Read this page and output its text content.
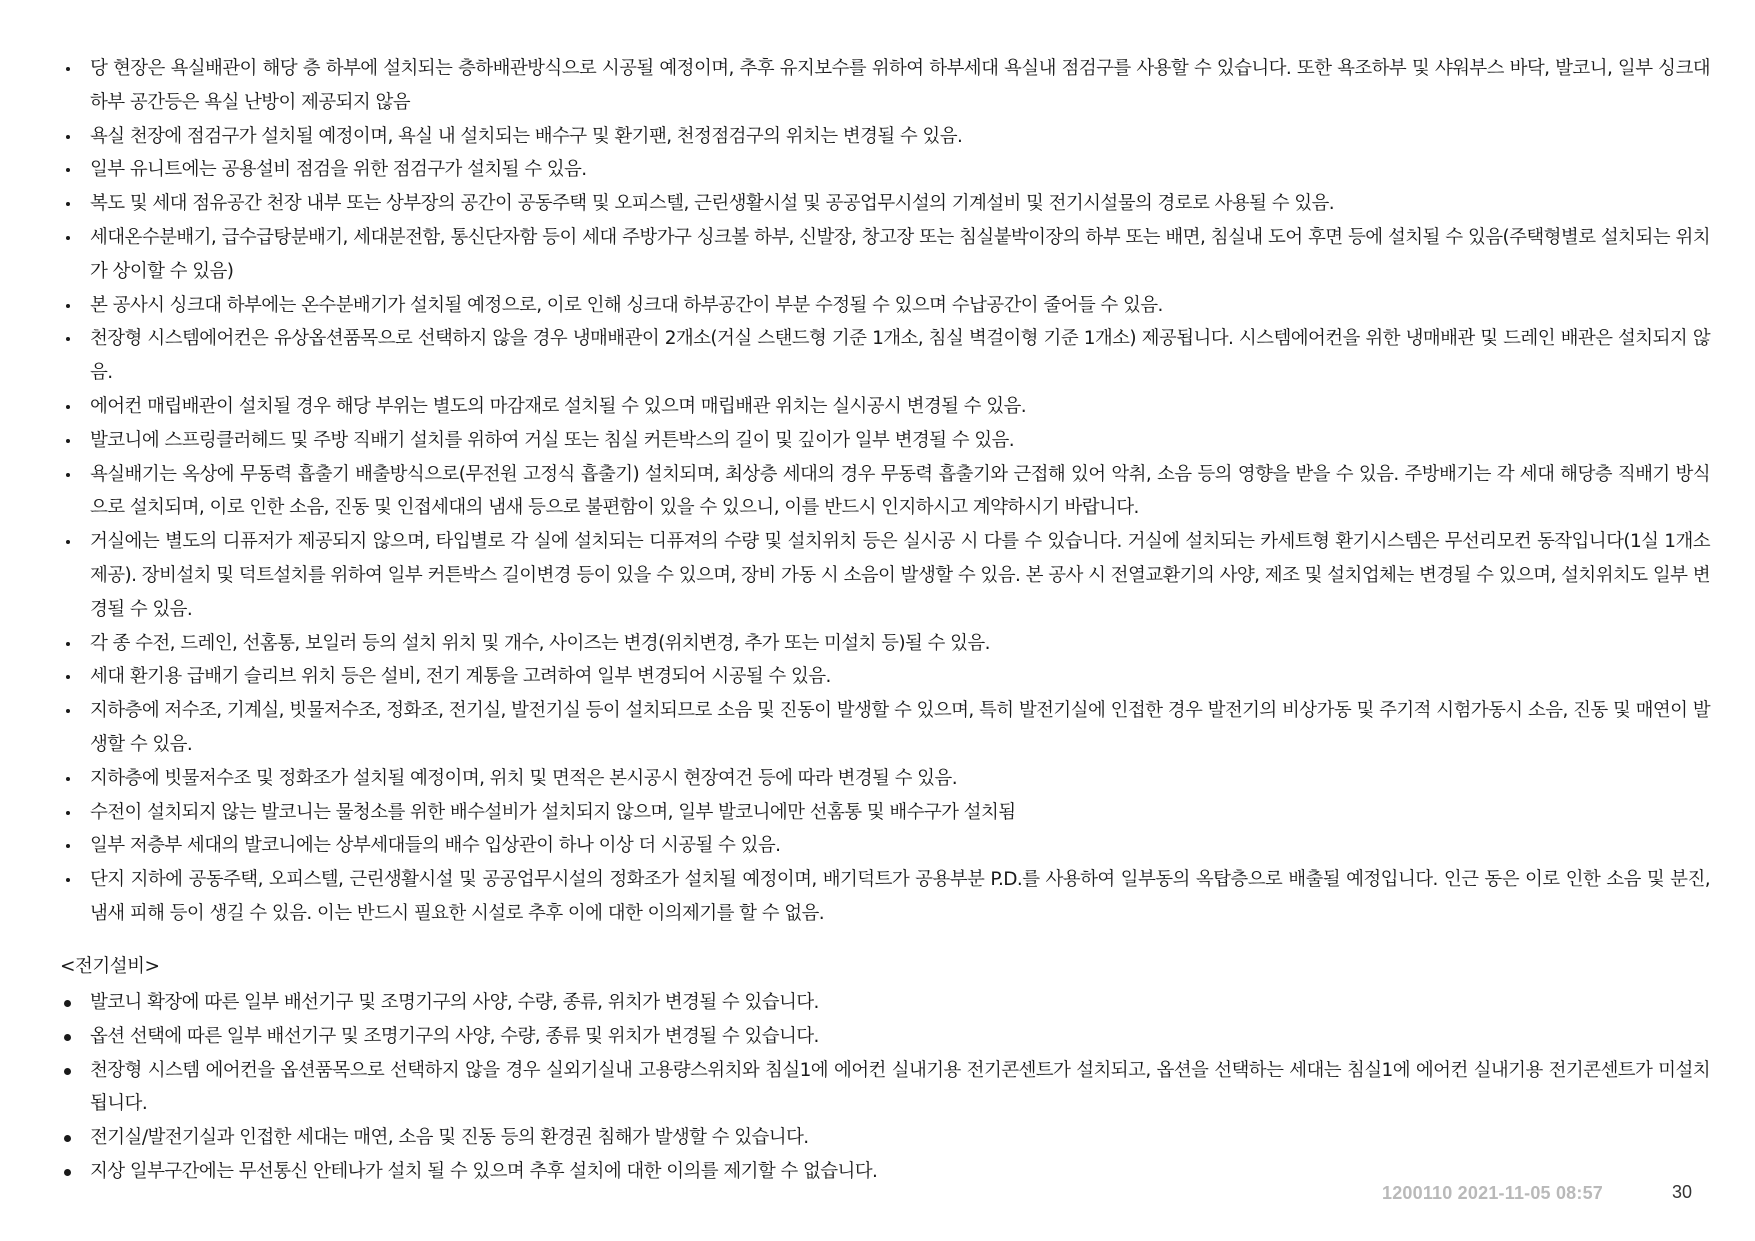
당 현장은 욕실배관이 해당 층 하부에 설치되는 층하배관방식으로 시공될 예정이며, 추후 유지보수를 위하여 하부세대 욕실내 점검구를 사용할 수 있습니다. 또한 욕조하부 및 샤워부스 바닥, 발코니, 일부 싱크대하부 공간등은 욕실 난방이 제공되지 않음
욕실 천장에 점검구가 설치될 예정이며, 욕실 내 설치되는 배수구 및 환기팬, 천정점검구의 위치는 변경될 수 있음.
일부 유니트에는 공용설비 점검을 위한 점검구가 설치될 수 있음.
복도 및 세대 점유공간 천장 내부 또는 상부장의 공간이 공동주택 및 오피스텔, 근린생활시설 및 공공업무시설의 기계설비 및 전기시설물의 경로로 사용될 수 있음.
세대온수분배기, 급수급탕분배기, 세대분전함, 통신단자함 등이 세대 주방가구 싱크볼 하부, 신발장, 창고장 또는 침실붙박이장의 하부 또는 배면, 침실내 도어 후면 등에 설치될 수 있음(주택형별로 설치되는 위치가 상이할 수 있음)
본 공사시 싱크대 하부에는 온수분배기가 설치될 예정으로, 이로 인해 싱크대 하부공간이 부분 수정될 수 있으며 수납공간이 줄어들 수 있음.
천장형 시스템에어컨은 유상옵션품목으로 선택하지 않을 경우 냉매배관이 2개소(거실 스탠드형 기준 1개소, 침실 벽걸이형 기준 1개소) 제공됩니다. 시스템에어컨을 위한 냉매배관 및 드레인 배관은 설치되지 않음.
에어컨 매립배관이 설치될 경우 해당 부위는 별도의 마감재로 설치될 수 있으며 매립배관 위치는 실시공시 변경될 수 있음.
발코니에 스프링클러헤드 및 주방 직배기 설치를 위하여 거실 또는 침실 커튼박스의 길이 및 깊이가 일부 변경될 수 있음.
욕실배기는 옥상에 무동력 흡출기 배출방식으로(무전원 고정식 흡출기) 설치되며, 최상층 세대의 경우 무동력 흡출기와 근접해 있어 악취, 소음 등의 영향을 받을 수 있음. 주방배기는 각 세대 해당층 직배기 방식으로 설치되며, 이로 인한 소음, 진동 및 인접세대의 냄새 등으로 불편함이 있을 수 있으니, 이를 반드시 인지하시고 계약하시기 바랍니다.
거실에는 별도의 디퓨저가 제공되지 않으며, 타입별로 각 실에 설치되는 디퓨져의 수량 및 설치위치 등은 실시공 시 다를 수 있습니다. 거실에 설치되는 카세트형 환기시스템은 무선리모컨 동작입니다(1실 1개소 제공). 장비설치 및 덕트설치를 위하여 일부 커튼박스 길이변경 등이 있을 수 있으며, 장비 가동 시 소음이 발생할 수 있음. 본 공사 시 전열교환기의 사양, 제조 및 설치업체는 변경될 수 있으며, 설치위치도 일부 변경될 수 있음.
각 종 수전, 드레인, 선홈통, 보일러 등의 설치 위치 및 개수, 사이즈는 변경(위치변경, 추가 또는 미설치 등)될 수 있음.
세대 환기용 급배기 슬리브 위치 등은 설비, 전기 계통을 고려하여 일부 변경되어 시공될 수 있음.
지하층에 저수조, 기계실, 빗물저수조, 정화조, 전기실, 발전기실 등이 설치되므로 소음 및 진동이 발생할 수 있으며, 특히 발전기실에 인접한 경우 발전기의 비상가동 및 주기적 시험가동시 소음, 진동 및 매연이 발생할 수 있음.
지하층에 빗물저수조 및 정화조가 설치될 예정이며, 위치 및 면적은 본시공시 현장여건 등에 따라 변경될 수 있음.
수전이 설치되지 않는 발코니는 물청소를 위한 배수설비가 설치되지 않으며, 일부 발코니에만 선홈통 및 배수구가 설치됨
일부 저층부 세대의 발코니에는 상부세대들의 배수 입상관이 하나 이상 더 시공될 수 있음.
단지 지하에 공동주택, 오피스텔, 근린생활시설 및 공공업무시설의 정화조가 설치될 예정이며, 배기덕트가 공용부분 P.D.를 사용하여 일부동의 옥탑층으로 배출될 예정입니다. 인근 동은 이로 인한 소음 및 분진, 냄새 피해 등이 생길 수 있음. 이는 반드시 필요한 시설로 추후 이에 대한 이의제기를 할 수 없음.
<전기설비>
발코니 확장에 따른 일부 배선기구 및 조명기구의 사양, 수량, 종류, 위치가 변경될 수 있습니다.
옵션 선택에 따른 일부 배선기구 및 조명기구의 사양, 수량, 종류 및 위치가 변경될 수 있습니다.
천장형 시스템 에어컨을 옵션품목으로 선택하지 않을 경우 실외기실내 고용량스위치와 침실1에 에어컨 실내기용 전기콘센트가 설치되고, 옵션을 선택하는 세대는 침실1에 에어컨 실내기용 전기콘센트가 미설치됩니다.
전기실/발전기실과 인접한 세대는 매연, 소음 및 진동 등의 환경권 침해가 발생할 수 있습니다.
지상 일부구간에는 무선통신 안테나가 설치 될 수 있으며 추후 설치에 대한 이의를 제기할 수 없습니다.
1200110 2021-11-05 08:57	30
